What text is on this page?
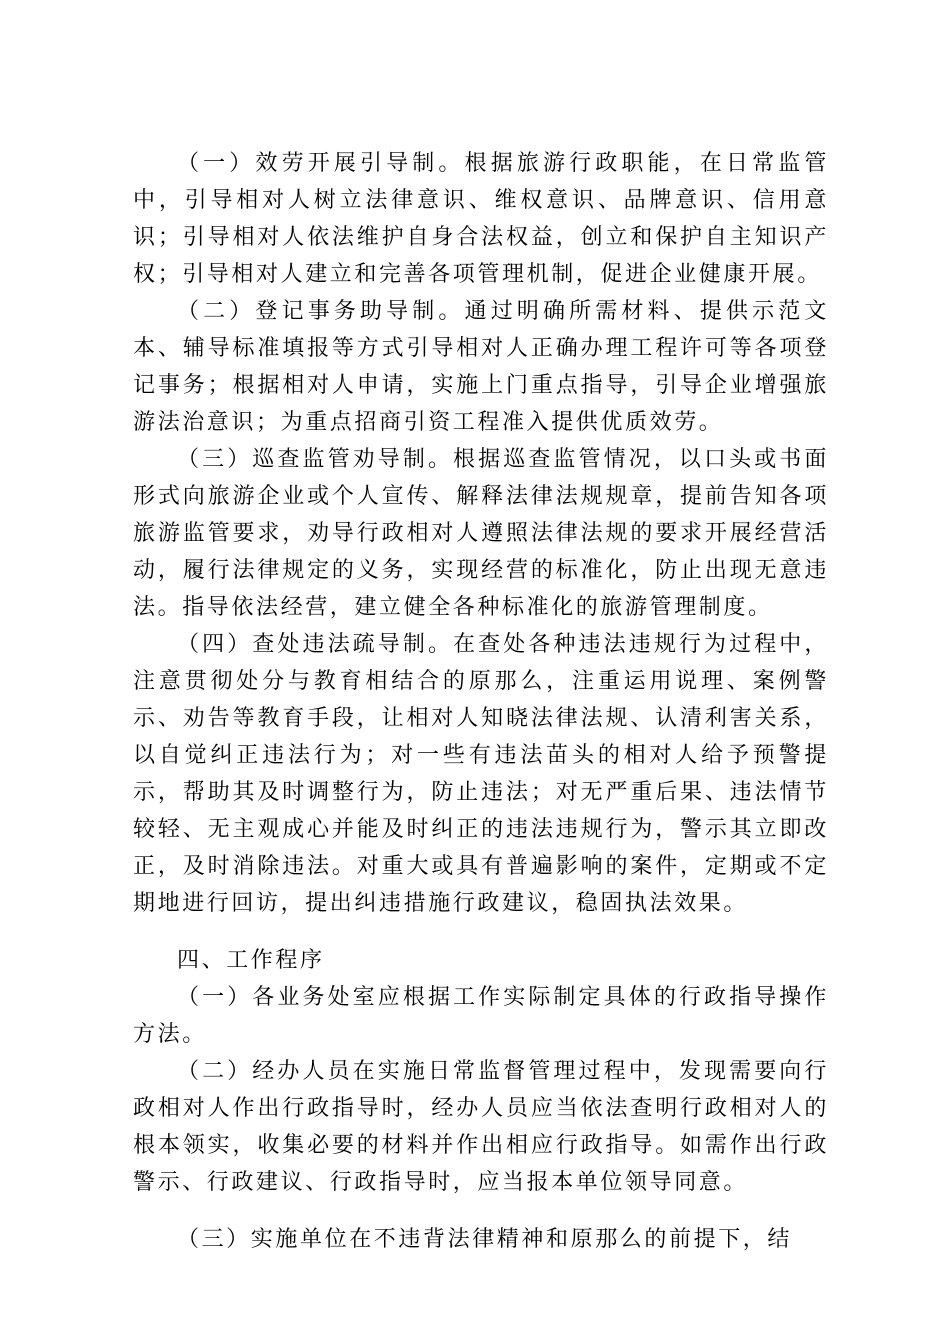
（一）效劳开展引导制。根据旅游行政职能，在日常监管中，引导相对人树立法律意识、维权意识、品牌意识、信用意识；引导相对人依法维护自身合法权益，创立和保护自主知识产权；引导相对人建立和完善各项管理机制，促进企业健康开展。

（二）登记事务助导制。通过明确所需材料、提供示范文本、辅导标准填报等方式引导相对人正确办理工程许可等各项登记事务；根据相对人申请，实施上门重点指导，引导企业增强旅游法治意识；为重点招商引资工程准入提供优质效劳。

（三）巡查监管劝导制。根据巡查监管情况，以口头或书面形式向旅游企业或个人宣传、解释法律法规规章，提前告知各项旅游监管要求，劝导行政相对人遵照法律法规的要求开展经营活动，履行法律规定的义务，实现经营的标准化，防止出现无意违法。指导依法经营，建立健全各种标准化的旅游管理制度。

（四）查处违法疏导制。在查处各种违法违规行为过程中，注意贯彻处分与教育相结合的原那么，注重运用说理、案例警示、劝告等教育手段，让相对人知晓法律法规、认清利害关系，以自觉纠正违法行为；对一些有违法苗头的相对人给予预警提示，帮助其及时调整行为，防止违法；对无严重后果、违法情节较轻、无主观成心并能及时纠正的违法违规行为，警示其立即改正，及时消除违法。对重大或具有普遍影响的案件，定期或不定期地进行回访，提出纠违措施行政建议，稳固执法效果。

四、工作程序

（一）各业务处室应根据工作实际制定具体的行政指导操作方法。

（二）经办人员在实施日常监督管理过程中，发现需要向行政相对人作出行政指导时，经办人员应当依法查明行政相对人的根本领实，收集必要的材料并作出相应行政指导。如需作出行政警示、行政建议、行政指导时，应当报本单位领导同意。

（三）实施单位在不违背法律精神和原那么的前提下，结
